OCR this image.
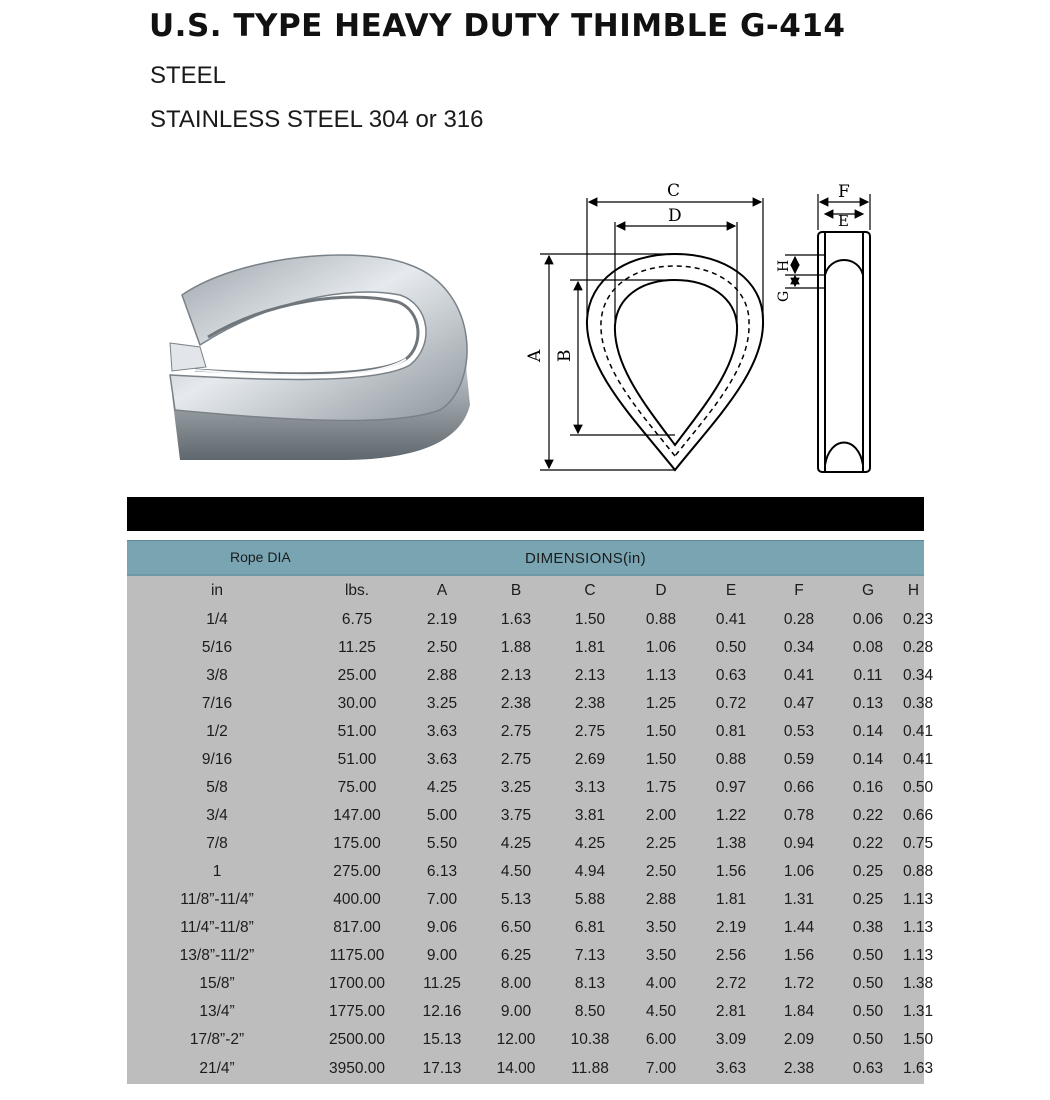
U.S. TYPE HEAVY DUTY THIMBLE G-414
STEEL
STAINLESS STEEL 304 or 316
C
D
F
E
A B
H
G
Rope DIA	DIMENSIONS(in)
in	lbs.	A	B	C	D	E	F	G	H
1/4	6.75	2.19	1.63	1.50	0.88	0.41	0.28	0.06	0.23
5/16	11.25	2.50	1.88	1.81	1.06	0.50	0.34	0.08	0.28
3/8	25.00	2.88	2.13	2.13	1.13	0.63	0.41	0.11	0.34
7/16	30.00	3.25	2.38	2.38	1.25	0.72	0.47	0.13	0.38
1/2	51.00	3.63	2.75	2.75	1.50	0.81	0.53	0.14	0.41
9/16	51.00	3.63	2.75	2.69	1.50	0.88	0.59	0.14	0.41
5/8	75.00	4.25	3.25	3.13	1.75	0.97	0.66	0.16	0.50
3/4	147.00	5.00	3.75	3.81	2.00	1.22	0.78	0.22	0.66
7/8	175.00	5.50	4.25	4.25	2.25	1.38	0.94	0.22	0.75
1	275.00	6.13	4.50	4.94	2.50	1.56	1.06	0.25	0.88
11/8”-11/4”	400.00	7.00	5.13	5.88	2.88	1.81	1.31	0.25	1.13
11/4”-11/8”	817.00	9.06	6.50	6.81	3.50	2.19	1.44	0.38	1.13
13/8”-11/2”	1175.00	9.00	6.25	7.13	3.50	2.56	1.56	0.50	1.13
15/8”	1700.00	11.25	8.00	8.13	4.00	2.72	1.72	0.50	1.38
13/4”	1775.00	12.16	9.00	8.50	4.50	2.81	1.84	0.50	1.31
17/8”-2”	2500.00	15.13	12.00	10.38	6.00	3.09	2.09	0.50	1.50
21/4”	3950.00	17.13	14.00	11.88	7.00	3.63	2.38	0.63	1.63
